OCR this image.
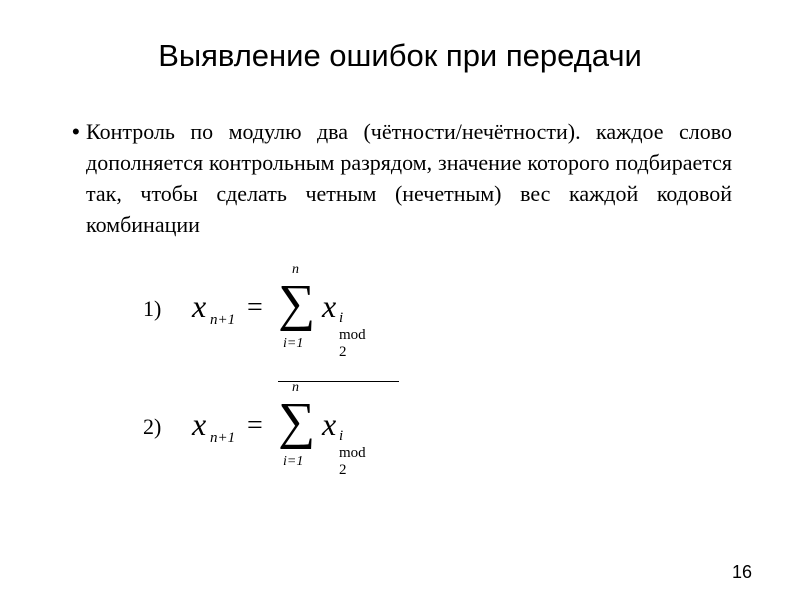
Выявление ошибок при передачи
• Контроль по модулю два (чётности/нечётности). каждое слово дополняется контрольным разрядом, значение которого подбирается так, чтобы сделать четным (нечетным) вес каждой кодовой комбинации
1) x n+1 =
n
∑
i=1
x i mod 2
2) x n+1 =
n
∑
i=1
x i mod 2
16
